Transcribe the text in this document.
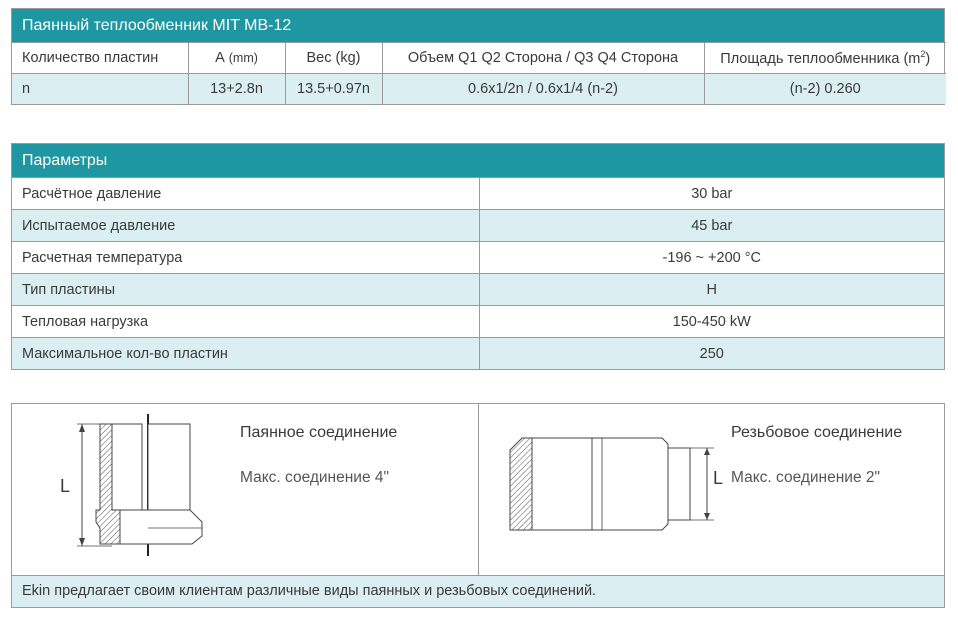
Паянный теплообменник MIT MB-12
Количество пластин	А (mm)	Вес (kg)	Объем Q1 Q2 Сторона / Q3 Q4 Сторона	Площадь теплообменника $(m^2)$
n	13+2.8n	13.5+0.97n	0.6x1/2n / 0.6x1/4 (n-2)	(n-2) 0.260
Параметры
Расчётное давление	30 bar
Испытаемое давление	45 bar
Расчетная температура	-196 ~ +200 °C
Тип пластины	H
Тепловая нагрузка	150-450 kW
Максимальное кол-во пластин	250
L
Паянное соединение
Макс. соединение 4"	L
Резьбовое соединение
Макс. соединение 2"
Ekin предлагает своим клиентам различные виды паянных и резьбовых соединений.
